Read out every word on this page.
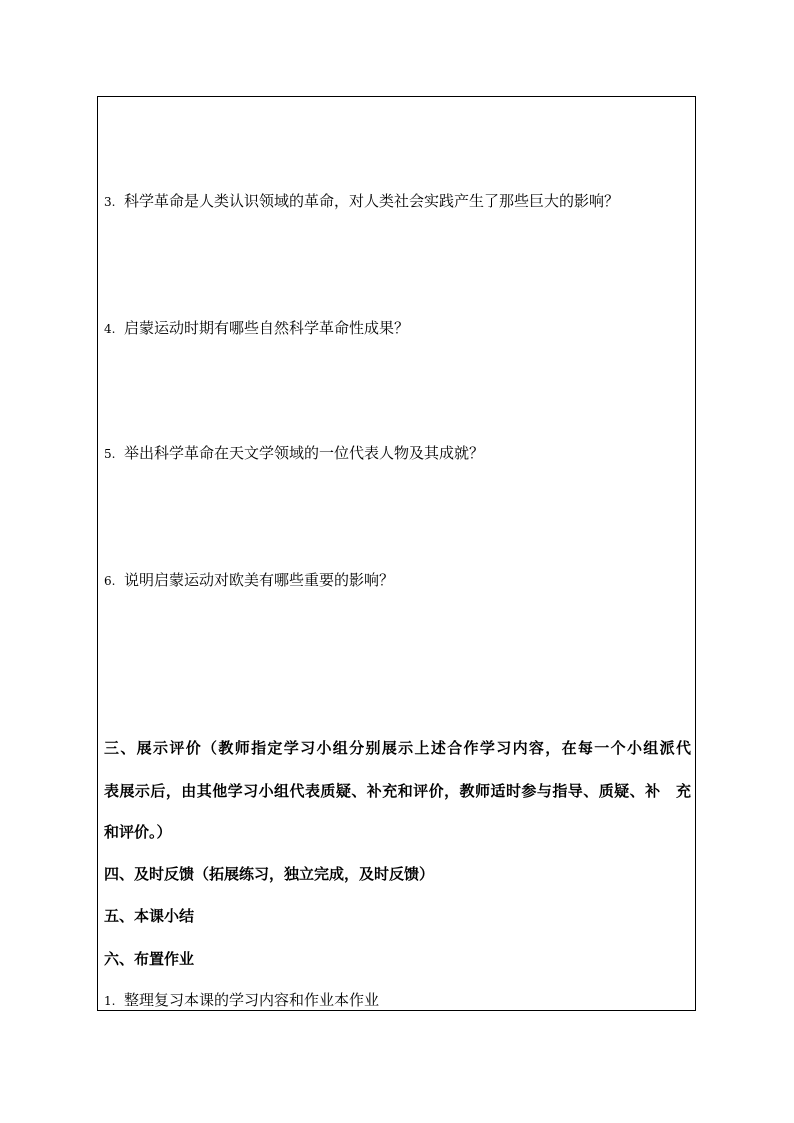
3. 科学革命是人类认识领域的革命，对人类社会实践产生了那些巨大的影响？
4. 启蒙运动时期有哪些自然科学革命性成果？
5. 举出科学革命在天文学领域的一位代表人物及其成就？
6. 说明启蒙运动对欧美有哪些重要的影响？
三、展示评价（教师指定学习小组分别展示上述合作学习内容，在每一个小组派代
表展示后，由其他学习小组代表质疑、补充和评价，教师适时参与指导、质疑、补　充
和评价。）
四、及时反馈（拓展练习，独立完成，及时反馈）
五、本课小结
六、布置作业
1. 整理复习本课的学习内容和作业本作业
